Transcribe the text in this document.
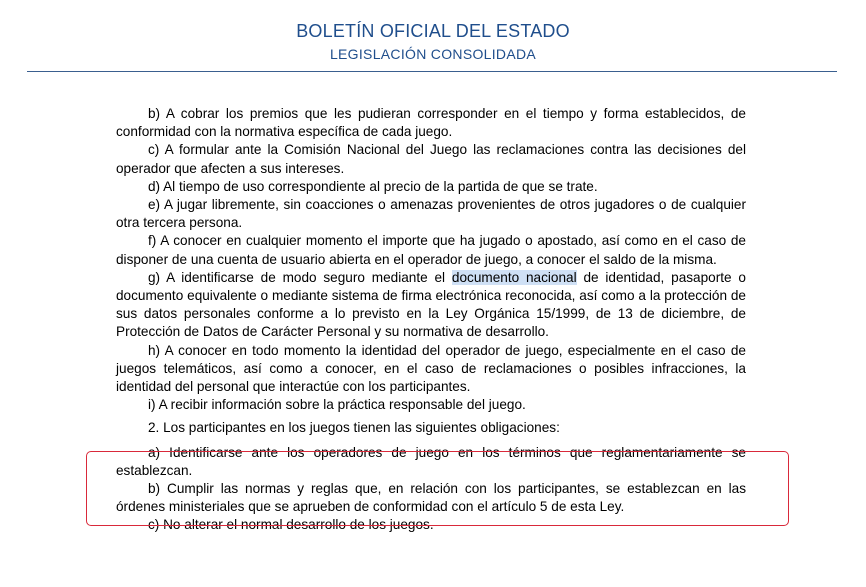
BOLETÍN OFICIAL DEL ESTADO
LEGISLACIÓN CONSOLIDADA

b) A cobrar los premios que les pudieran corresponder en el tiempo y forma establecidos, de conformidad con la normativa específica de cada juego.

c) A formular ante la Comisión Nacional del Juego las reclamaciones contra las decisiones del operador que afecten a sus intereses.

d) Al tiempo de uso correspondiente al precio de la partida de que se trate.

e) A jugar libremente, sin coacciones o amenazas provenientes de otros jugadores o de cualquier otra tercera persona.

f) A conocer en cualquier momento el importe que ha jugado o apostado, así como en el caso de disponer de una cuenta de usuario abierta en el operador de juego, a conocer el saldo de la misma.

g) A identificarse de modo seguro mediante el documento nacional de identidad, pasaporte o documento equivalente o mediante sistema de firma electrónica reconocida, así como a la protección de sus datos personales conforme a lo previsto en la Ley Orgánica 15/1999, de 13 de diciembre, de Protección de Datos de Carácter Personal y su normativa de desarrollo.

h) A conocer en todo momento la identidad del operador de juego, especialmente en el caso de juegos telemáticos, así como a conocer, en el caso de reclamaciones o posibles infracciones, la identidad del personal que interactúe con los participantes.

i) A recibir información sobre la práctica responsable del juego.

2. Los participantes en los juegos tienen las siguientes obligaciones:

a) Identificarse ante los operadores de juego en los términos que reglamentariamente se establezcan.

b) Cumplir las normas y reglas que, en relación con los participantes, se establezcan en las órdenes ministeriales que se aprueben de conformidad con el artículo 5 de esta Ley.

c) No alterar el normal desarrollo de los juegos.
